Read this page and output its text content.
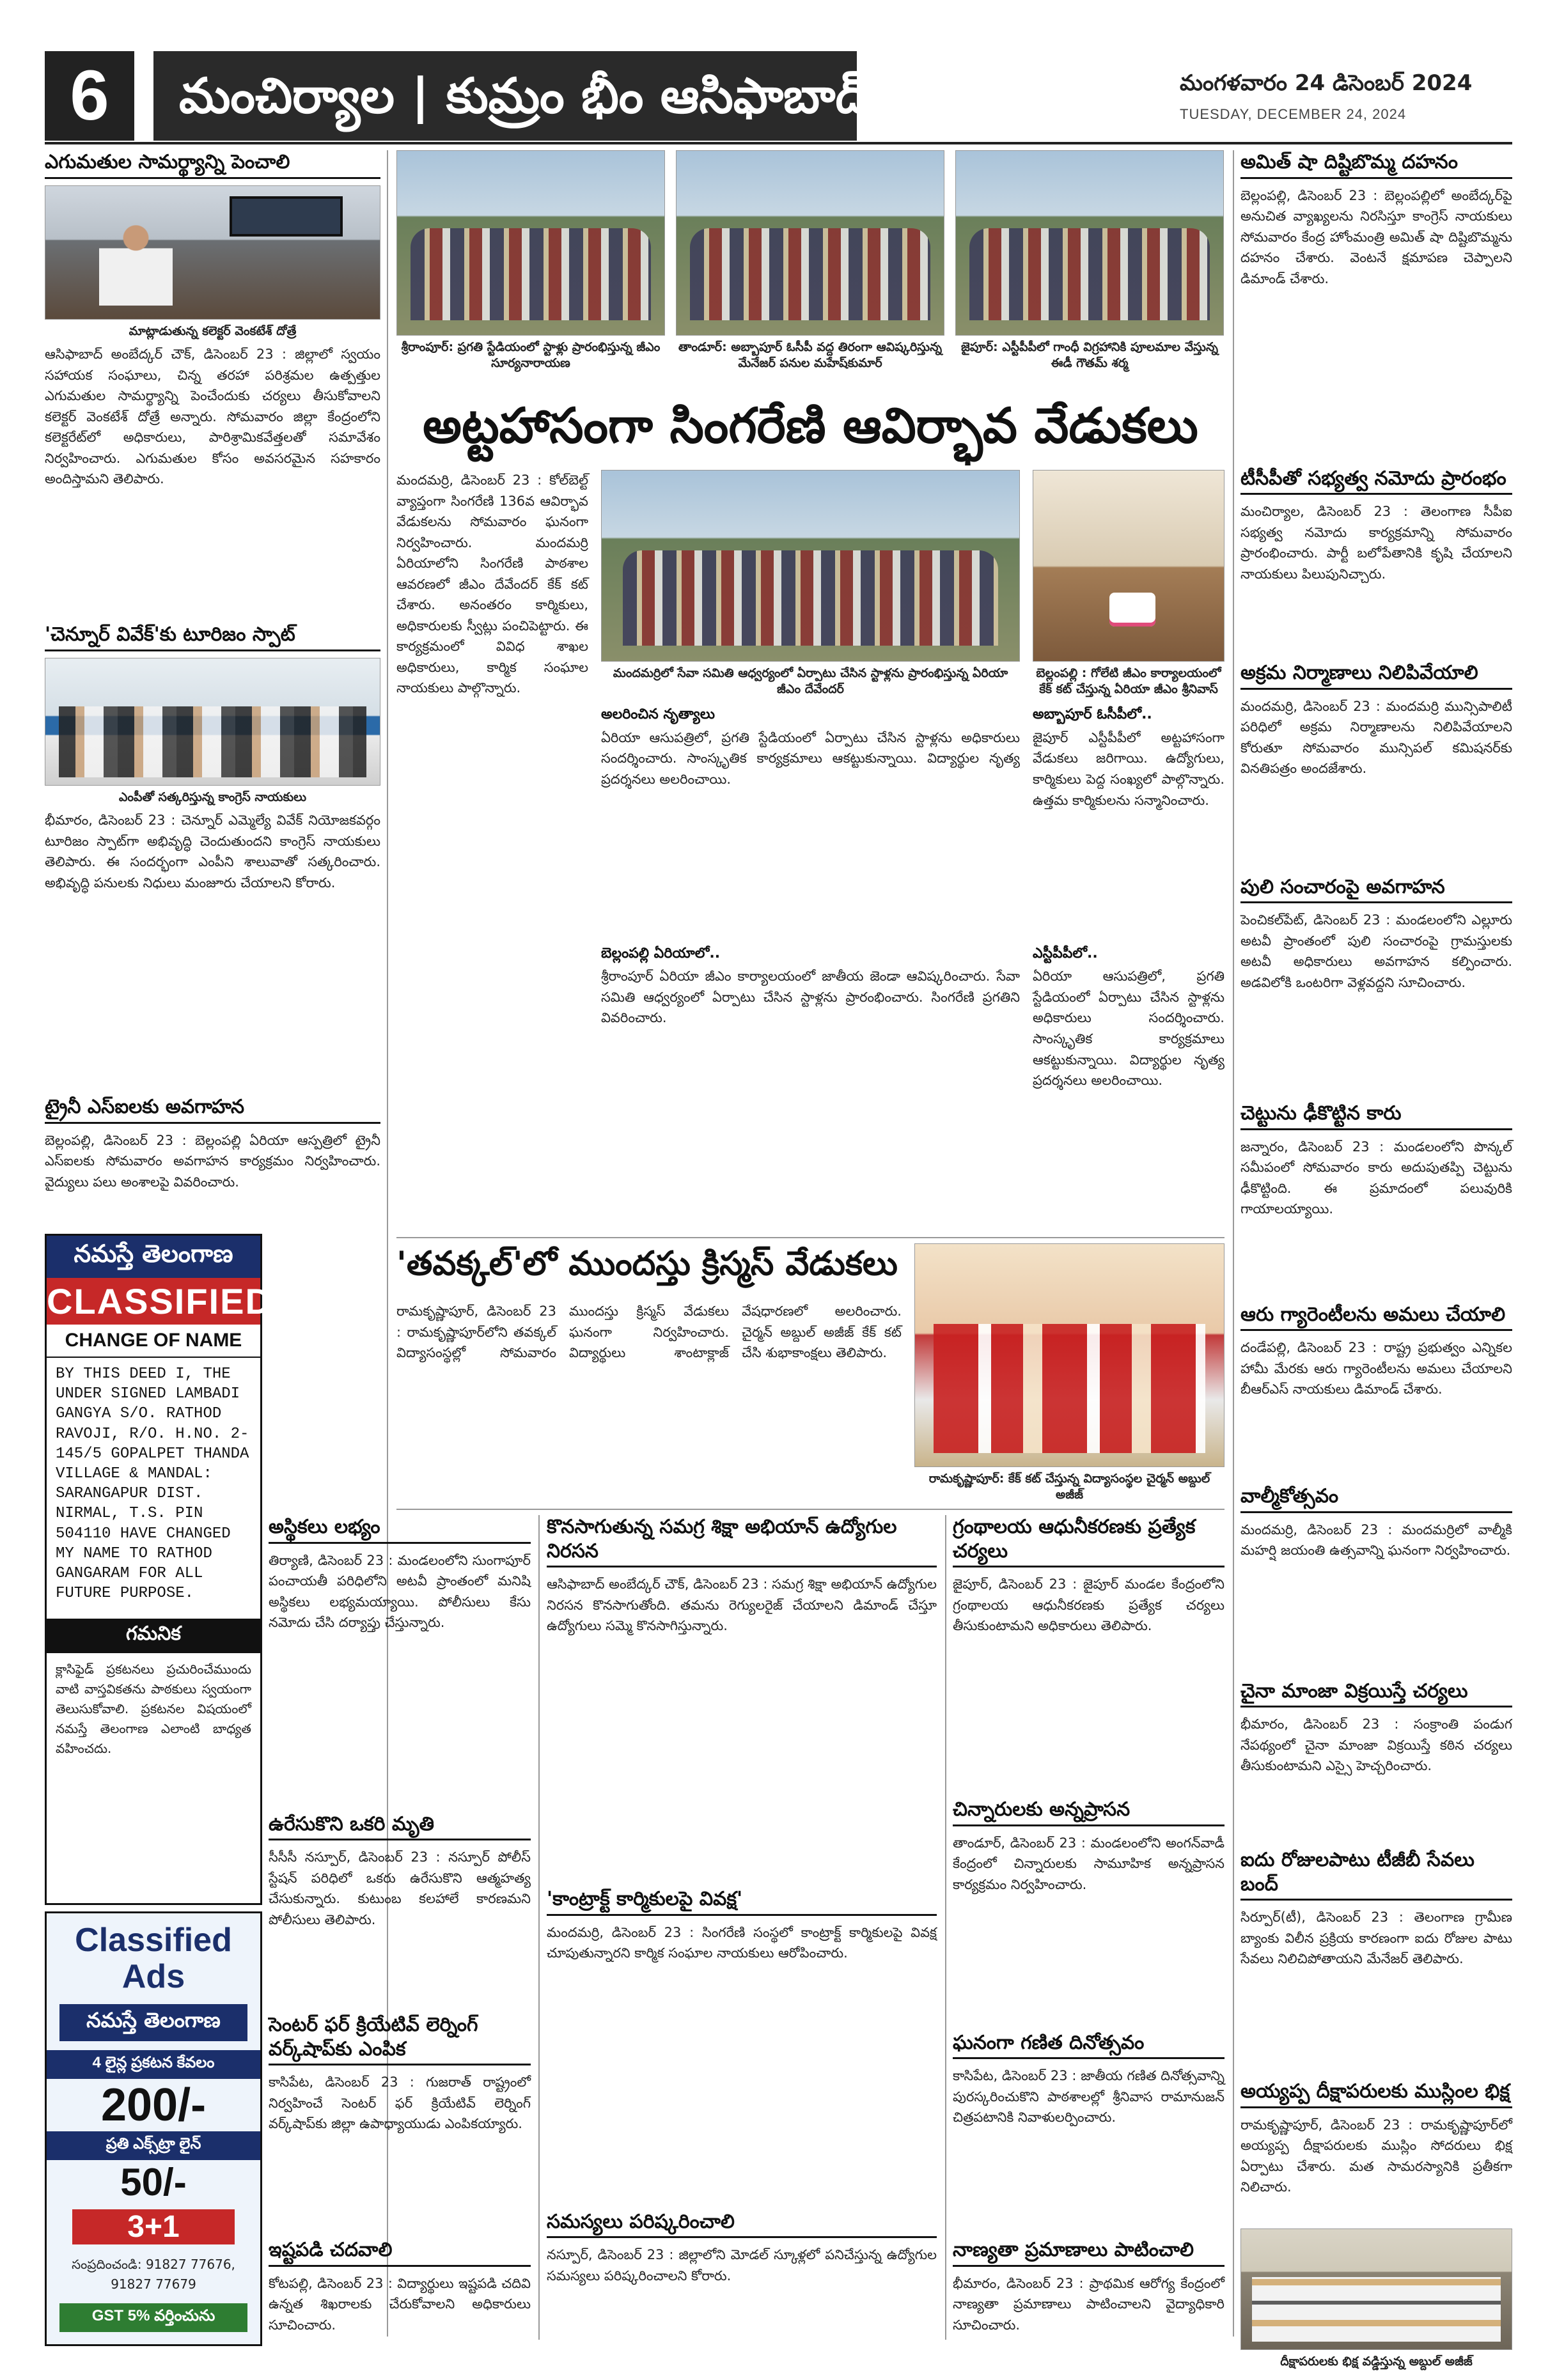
6	మంచిర్యాల | కుమ్రం భీం ఆసిఫాబాద్	మంగళవారం 24 డిసెంబర్ 2024
TUESDAY, DECEMBER 24, 2024
ఎగుమతుల సామర్థ్యాన్ని పెంచాలి
మాట్లాడుతున్న కలెక్టర్ వెంకటేశ్ దోత్రే
ఆసిఫాబాద్ అంబేద్కర్ చౌక్, డిసెంబర్ 23 : జిల్లాలో స్వయం సహాయక సంఘాలు, చిన్న తరహా పరిశ్రమల ఉత్పత్తుల ఎగుమతుల సామర్థ్యాన్ని పెంచేందుకు చర్యలు తీసుకోవాలని కలెక్టర్ వెంకటేశ్ దోత్రే అన్నారు. సోమవారం జిల్లా కేంద్రంలోని కలెక్టరేట్‌లో అధికారులు, పారిశ్రామికవేత్తలతో సమావేశం నిర్వహించారు. ఎగుమతుల కోసం అవసరమైన సహకారం అందిస్తామని తెలిపారు.
'చెన్నూర్ వివేక్'కు టూరిజం స్పాట్
ఎంపీతో సత్కరిస్తున్న కాంగ్రెస్ నాయకులు
భీమారం, డిసెంబర్ 23 : చెన్నూర్ ఎమ్మెల్యే వివేక్ నియోజకవర్గం టూరిజం స్పాట్‌గా అభివృద్ధి చెందుతుందని కాంగ్రెస్ నాయకులు తెలిపారు. ఈ సందర్భంగా ఎంపీని శాలువాతో సత్కరించారు. అభివృద్ధి పనులకు నిధులు మంజూరు చేయాలని కోరారు.
ట్రైనీ ఎస్ఐలకు అవగాహన
బెల్లంపల్లి, డిసెంబర్ 23 : బెల్లంపల్లి ఏరియా ఆస్పత్రిలో ట్రైనీ ఎస్ఐలకు సోమవారం అవగాహన కార్యక్రమం నిర్వహించారు. వైద్యులు పలు అంశాలపై వివరించారు.
నమస్తే తెలంగాణ
CLASSIFIED
CHANGE OF NAME
BY THIS DEED I, THE UNDER SIGNED LAMBADI GANGYA S/O. RATHOD RAVOJI, R/O. H.NO. 2-145/5 GOPALPET THANDA VILLAGE & MANDAL: SARANGAPUR DIST. NIRMAL, T.S. PIN 504110 HAVE CHANGED MY NAME TO RATHOD GANGARAM FOR ALL FUTURE PURPOSE.
గమనిక
క్లాసిఫైడ్ ప్రకటనలు ప్రచురించేముందు వాటి వాస్తవికతను పాఠకులు స్వయంగా తెలుసుకోవాలి. ప్రకటనల విషయంలో నమస్తే తెలంగాణ ఎలాంటి బాధ్యత వహించదు.
Classified Ads
నమస్తే తెలంగాణ
4 లైన్ల ప్రకటన కేవలం
200/-
ప్రతి ఎక్స్‌ట్రా లైన్
50/-
3+1
సంప్రదించండి: 91827 77676, 91827 77679
GST 5% వర్తించును
శ్రీరాంపూర్: ప్రగతి స్టేడియంలో స్టాళ్లు ప్రారంభిస్తున్న జీఎం సూర్యనారాయణ
తాండూర్: అబ్బాపూర్ ఓసీపీ వద్ద తిరంగా ఆవిష్కరిస్తున్న మేనేజర్ పనుల మహేష్‌కుమార్
జైపూర్: ఎస్టీపీపీలో గాంధీ విగ్రహానికి పూలమాల వేస్తున్న ఈడీ గౌతమ్ శర్మ
అట్టహాసంగా సింగరేణి ఆవిర్భావ వేడుకలు
మందమర్రి, డిసెంబర్ 23 : కోల్‌బెల్ట్ వ్యాప్తంగా సింగరేణి 136వ ఆవిర్భావ వేడుకలను సోమవారం ఘనంగా నిర్వహించారు. మందమర్రి ఏరియాలోని సింగరేణి పాఠశాల ఆవరణలో జీఎం దేవేందర్ కేక్ కట్ చేశారు. అనంతరం కార్మికులు, అధికారులకు స్వీట్లు పంచిపెట్టారు. ఈ కార్యక్రమంలో వివిధ శాఖల అధికారులు, కార్మిక సంఘాల నాయకులు పాల్గొన్నారు.
మందమర్రిలో సేవా సమితి ఆధ్వర్యంలో ఏర్పాటు చేసిన స్టాళ్లను ప్రారంభిస్తున్న ఏరియా జీఎం దేవేందర్
అలరించిన నృత్యాలు
ఏరియా ఆసుపత్రిలో, ప్రగతి స్టేడియంలో ఏర్పాటు చేసిన స్టాళ్లను అధికారులు సందర్శించారు. సాంస్కృతిక కార్యక్రమాలు ఆకట్టుకున్నాయి. విద్యార్థుల నృత్య ప్రదర్శనలు అలరించాయి.
బెల్లంపల్లి ఏరియాలో..
శ్రీరాంపూర్ ఏరియా జీఎం కార్యాలయంలో జాతీయ జెండా ఆవిష్కరించారు. సేవా సమితి ఆధ్వర్యంలో ఏర్పాటు చేసిన స్టాళ్లను ప్రారంభించారు. సింగరేణి ప్రగతిని వివరించారు.
బెల్లంపల్లి : గోలేటి జీఎం కార్యాలయంలో కేక్ కట్ చేస్తున్న ఏరియా జీఎం శ్రీనివాస్
అబ్బాపూర్ ఓసీపీలో..
జైపూర్ ఎస్టీపీపీలో అట్టహాసంగా వేడుకలు జరిగాయి. ఉద్యోగులు, కార్మికులు పెద్ద సంఖ్యలో పాల్గొన్నారు. ఉత్తమ కార్మికులను సన్మానించారు.
ఎస్టీపీపీలో..
ఏరియా ఆసుపత్రిలో, ప్రగతి స్టేడియంలో ఏర్పాటు చేసిన స్టాళ్లను అధికారులు సందర్శించారు. సాంస్కృతిక కార్యక్రమాలు ఆకట్టుకున్నాయి. విద్యార్థుల నృత్య ప్రదర్శనలు అలరించాయి.
'తవక్కల్'లో ముందస్తు క్రిస్మస్ వేడుకలు
రామకృష్ణాపూర్, డిసెంబర్ 23 : రామకృష్ణాపూర్‌లోని తవక్కల్ విద్యాసంస్థల్లో సోమవారం ముందస్తు క్రిస్మస్ వేడుకలు ఘనంగా నిర్వహించారు. విద్యార్థులు శాంటాక్లాజ్ వేషధారణలో అలరించారు. చైర్మన్ అబ్దుల్ అజీజ్ కేక్ కట్ చేసి శుభాకాంక్షలు తెలిపారు.
రామకృష్ణాపూర్: కేక్ కట్ చేస్తున్న విద్యాసంస్థల చైర్మన్ అబ్దుల్ అజీజ్
అస్థికలు లభ్యం
తిర్యాణి, డిసెంబర్ 23 : మండలంలోని సుంగాపూర్ పంచాయతీ పరిధిలోని అటవీ ప్రాంతంలో మనిషి అస్థికలు లభ్యమయ్యాయి. పోలీసులు కేసు నమోదు చేసి దర్యాప్తు చేస్తున్నారు.
ఉరేసుకొని ఒకరి మృతి
సీసీసీ నస్పూర్, డిసెంబర్ 23 : నస్పూర్ పోలీస్ స్టేషన్ పరిధిలో ఒకరు ఉరేసుకొని ఆత్మహత్య చేసుకున్నారు. కుటుంబ కలహాలే కారణమని పోలీసులు తెలిపారు.
సెంటర్ ఫర్ క్రియేటివ్ లెర్నింగ్ వర్క్‌షాప్‌కు ఎంపిక
కాసిపేట, డిసెంబర్ 23 : గుజరాత్ రాష్ట్రంలో నిర్వహించే సెంటర్ ఫర్ క్రియేటివ్ లెర్నింగ్ వర్క్‌షాప్‌కు జిల్లా ఉపాధ్యాయుడు ఎంపికయ్యారు.
ఇష్టపడి చదవాలి
కోటపల్లి, డిసెంబర్ 23 : విద్యార్థులు ఇష్టపడి చదివి ఉన్నత శిఖరాలకు చేరుకోవాలని అధికారులు సూచించారు.
కొనసాగుతున్న సమగ్ర శిక్షా అభియాన్ ఉద్యోగుల నిరసన
ఆసిఫాబాద్ అంబేద్కర్ చౌక్, డిసెంబర్ 23 : సమగ్ర శిక్షా అభియాన్ ఉద్యోగుల నిరసన కొనసాగుతోంది. తమను రెగ్యులరైజ్ చేయాలని డిమాండ్ చేస్తూ ఉద్యోగులు సమ్మె కొనసాగిస్తున్నారు.
'కాంట్రాక్ట్ కార్మికులపై వివక్ష'
మందమర్రి, డిసెంబర్ 23 : సింగరేణి సంస్థలో కాంట్రాక్ట్ కార్మికులపై వివక్ష చూపుతున్నారని కార్మిక సంఘాల నాయకులు ఆరోపించారు.
సమస్యలు పరిష్కరించాలి
నస్పూర్, డిసెంబర్ 23 : జిల్లాలోని మోడల్ స్కూళ్లలో పనిచేస్తున్న ఉద్యోగుల సమస్యలు పరిష్కరించాలని కోరారు.
గ్రంథాలయ ఆధునీకరణకు ప్రత్యేక చర్యలు
జైపూర్, డిసెంబర్ 23 : జైపూర్ మండల కేంద్రంలోని గ్రంథాలయ ఆధునీకరణకు ప్రత్యేక చర్యలు తీసుకుంటామని అధికారులు తెలిపారు.
చిన్నారులకు అన్నప్రాసన
తాండూర్, డిసెంబర్ 23 : మండలంలోని అంగన్‌వాడీ కేంద్రంలో చిన్నారులకు సామూహిక అన్నప్రాసన కార్యక్రమం నిర్వహించారు.
ఘనంగా గణిత దినోత్సవం
కాసిపేట, డిసెంబర్ 23 : జాతీయ గణిత దినోత్సవాన్ని పురస్కరించుకొని పాఠశాలల్లో శ్రీనివాస రామానుజన్ చిత్రపటానికి నివాళులర్పించారు.
నాణ్యతా ప్రమాణాలు పాటించాలి
భీమారం, డిసెంబర్ 23 : ప్రాథమిక ఆరోగ్య కేంద్రంలో నాణ్యతా ప్రమాణాలు పాటించాలని వైద్యాధికారి సూచించారు.
అమిత్ షా దిష్టిబొమ్మ దహనం
బెల్లంపల్లి, డిసెంబర్ 23 : బెల్లంపల్లిలో అంబేద్కర్‌పై అనుచిత వ్యాఖ్యలను నిరసిస్తూ కాంగ్రెస్ నాయకులు సోమవారం కేంద్ర హోంమంత్రి అమిత్ షా దిష్టిబొమ్మను దహనం చేశారు. వెంటనే క్షమాపణ చెప్పాలని డిమాండ్ చేశారు.
టీసీపీతో సభ్యత్వ నమోదు ప్రారంభం
మంచిర్యాల, డిసెంబర్ 23 : తెలంగాణ సీపీఐ సభ్యత్వ నమోదు కార్యక్రమాన్ని సోమవారం ప్రారంభించారు. పార్టీ బలోపేతానికి కృషి చేయాలని నాయకులు పిలుపునిచ్చారు.
అక్రమ నిర్మాణాలు నిలిపివేయాలి
మందమర్రి, డిసెంబర్ 23 : మందమర్రి మున్సిపాలిటీ పరిధిలో అక్రమ నిర్మాణాలను నిలిపివేయాలని కోరుతూ సోమవారం మున్సిపల్ కమిషనర్‌కు వినతిపత్రం అందజేశారు.
పులి సంచారంపై అవగాహన
పెంచికల్‌పేట్, డిసెంబర్ 23 : మండలంలోని ఎల్లూరు అటవీ ప్రాంతంలో పులి సంచారంపై గ్రామస్తులకు అటవీ అధికారులు అవగాహన కల్పించారు. అడవిలోకి ఒంటరిగా వెళ్లవద్దని సూచించారు.
చెట్టును ఢీకొట్టిన కారు
జన్నారం, డిసెంబర్ 23 : మండలంలోని పొన్కల్ సమీపంలో సోమవారం కారు అదుపుతప్పి చెట్టును ఢీకొట్టింది. ఈ ప్రమాదంలో పలువురికి గాయాలయ్యాయి.
ఆరు గ్యారెంటీలను అమలు చేయాలి
దండేపల్లి, డిసెంబర్ 23 : రాష్ట్ర ప్రభుత్వం ఎన్నికల హామీ మేరకు ఆరు గ్యారెంటీలను అమలు చేయాలని బీఆర్ఎస్ నాయకులు డిమాండ్ చేశారు.
వాల్మీకోత్సవం
మందమర్రి, డిసెంబర్ 23 : మందమర్రిలో వాల్మీకి మహర్షి జయంతి ఉత్సవాన్ని ఘనంగా నిర్వహించారు.
చైనా మాంజా విక్రయిస్తే చర్యలు
భీమారం, డిసెంబర్ 23 : సంక్రాంతి పండుగ నేపథ్యంలో చైనా మాంజా విక్రయిస్తే కఠిన చర్యలు తీసుకుంటామని ఎస్సై హెచ్చరించారు.
ఐదు రోజులపాటు టీజీబీ సేవలు బంద్
సిర్పూర్(టీ), డిసెంబర్ 23 : తెలంగాణ గ్రామీణ బ్యాంకు విలీన ప్రక్రియ కారణంగా ఐదు రోజుల పాటు సేవలు నిలిచిపోతాయని మేనేజర్ తెలిపారు.
అయ్యప్ప దీక్షాపరులకు ముస్లింల భిక్ష
రామకృష్ణాపూర్, డిసెంబర్ 23 : రామకృష్ణాపూర్‌లో అయ్యప్ప దీక్షాపరులకు ముస్లిం సోదరులు భిక్ష ఏర్పాటు చేశారు. మత సామరస్యానికి ప్రతీకగా నిలిచారు.
దీక్షాపరులకు భిక్ష వడ్డిస్తున్న అబ్దుల్ అజీజ్
